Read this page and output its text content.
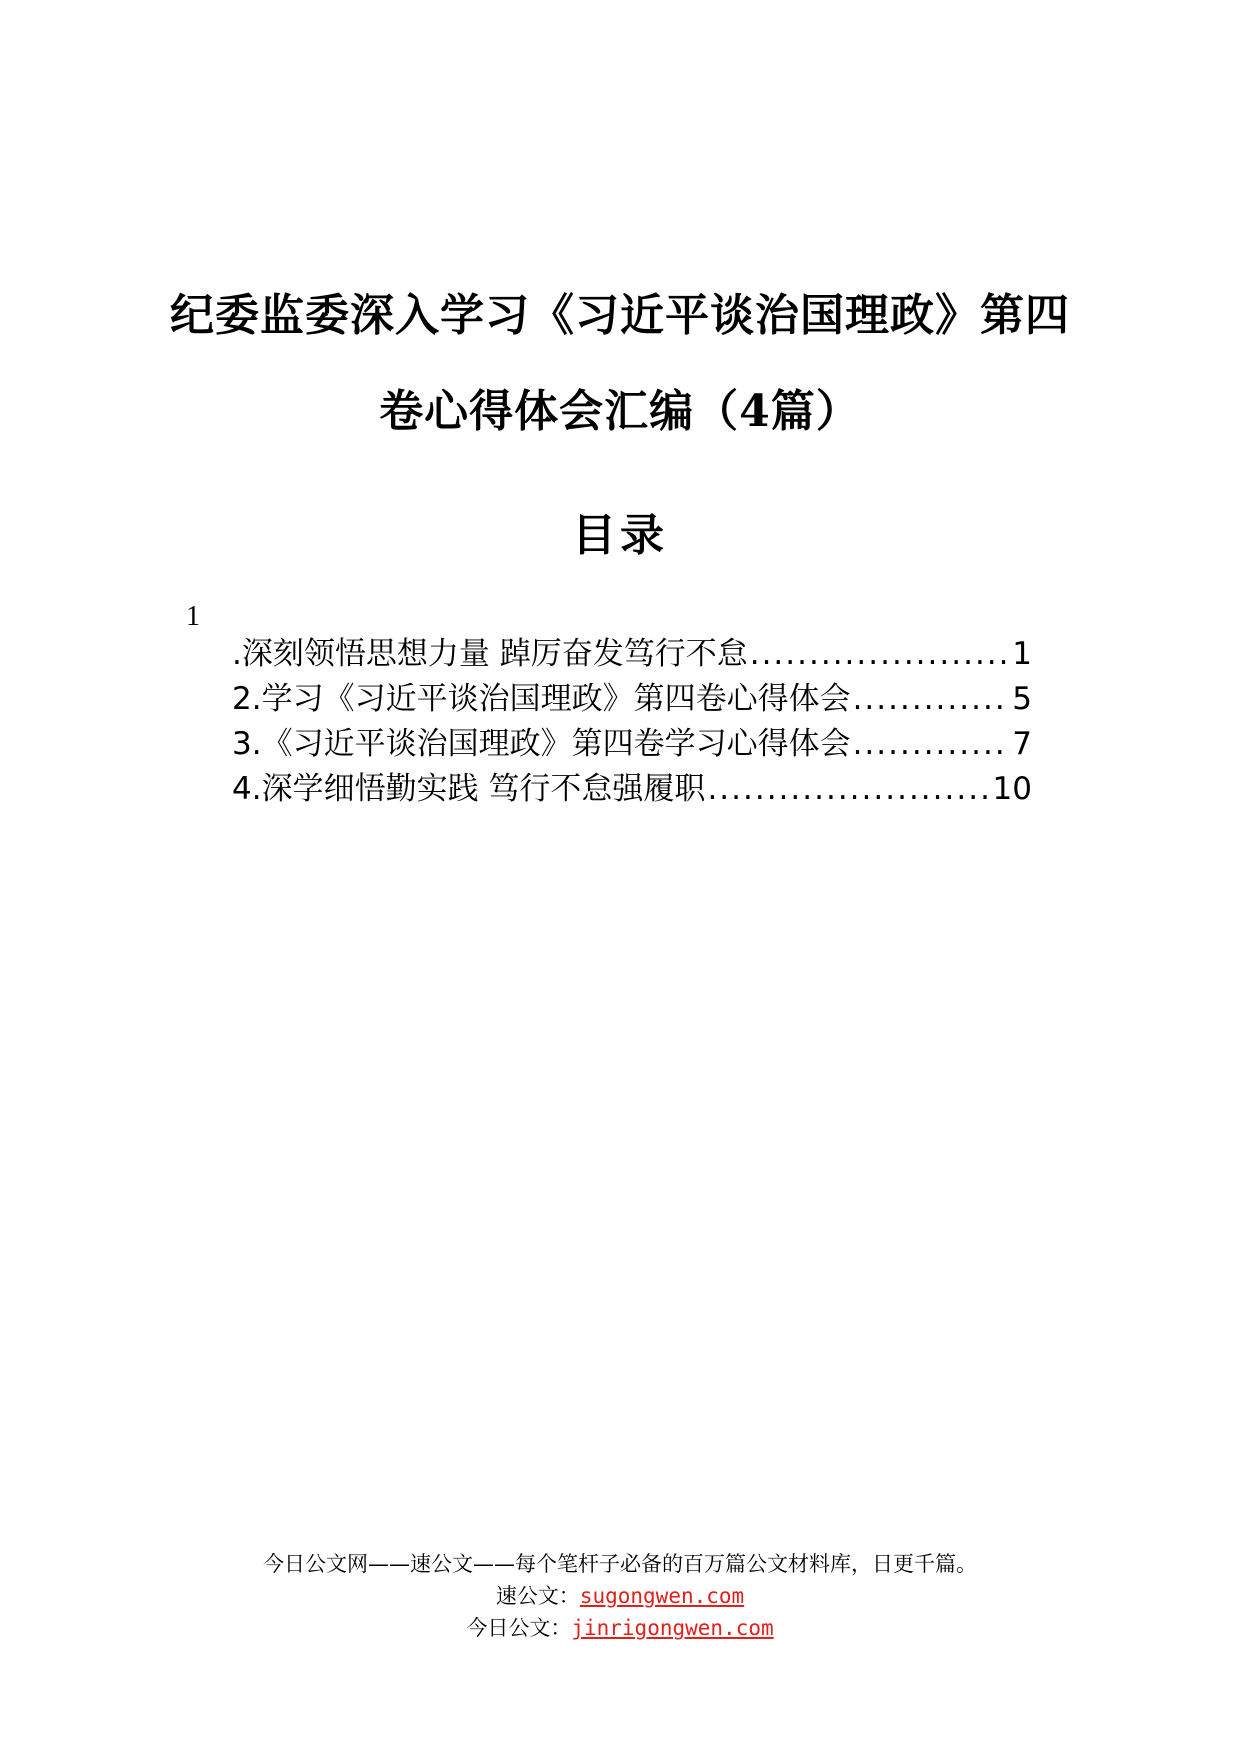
纪委监委深入学习《习近平谈治国理政》第四
卷心得体会汇编（4篇）
目录
1
.深刻领悟思想力量 踔厉奋发笃行不怠 .....	1
2.学习《习近平谈治国理政》第四卷心得体会 .....	5
3.《习近平谈治国理政》第四卷学习心得体会 .....	7
4.深学细悟勤实践 笃行不怠强履职 .....	10
今日公文网——速公文——每个笔杆子必备的百万篇公文材料库，日更千篇。
速公文：sugongwen.com
今日公文：jinrigongwen.com
